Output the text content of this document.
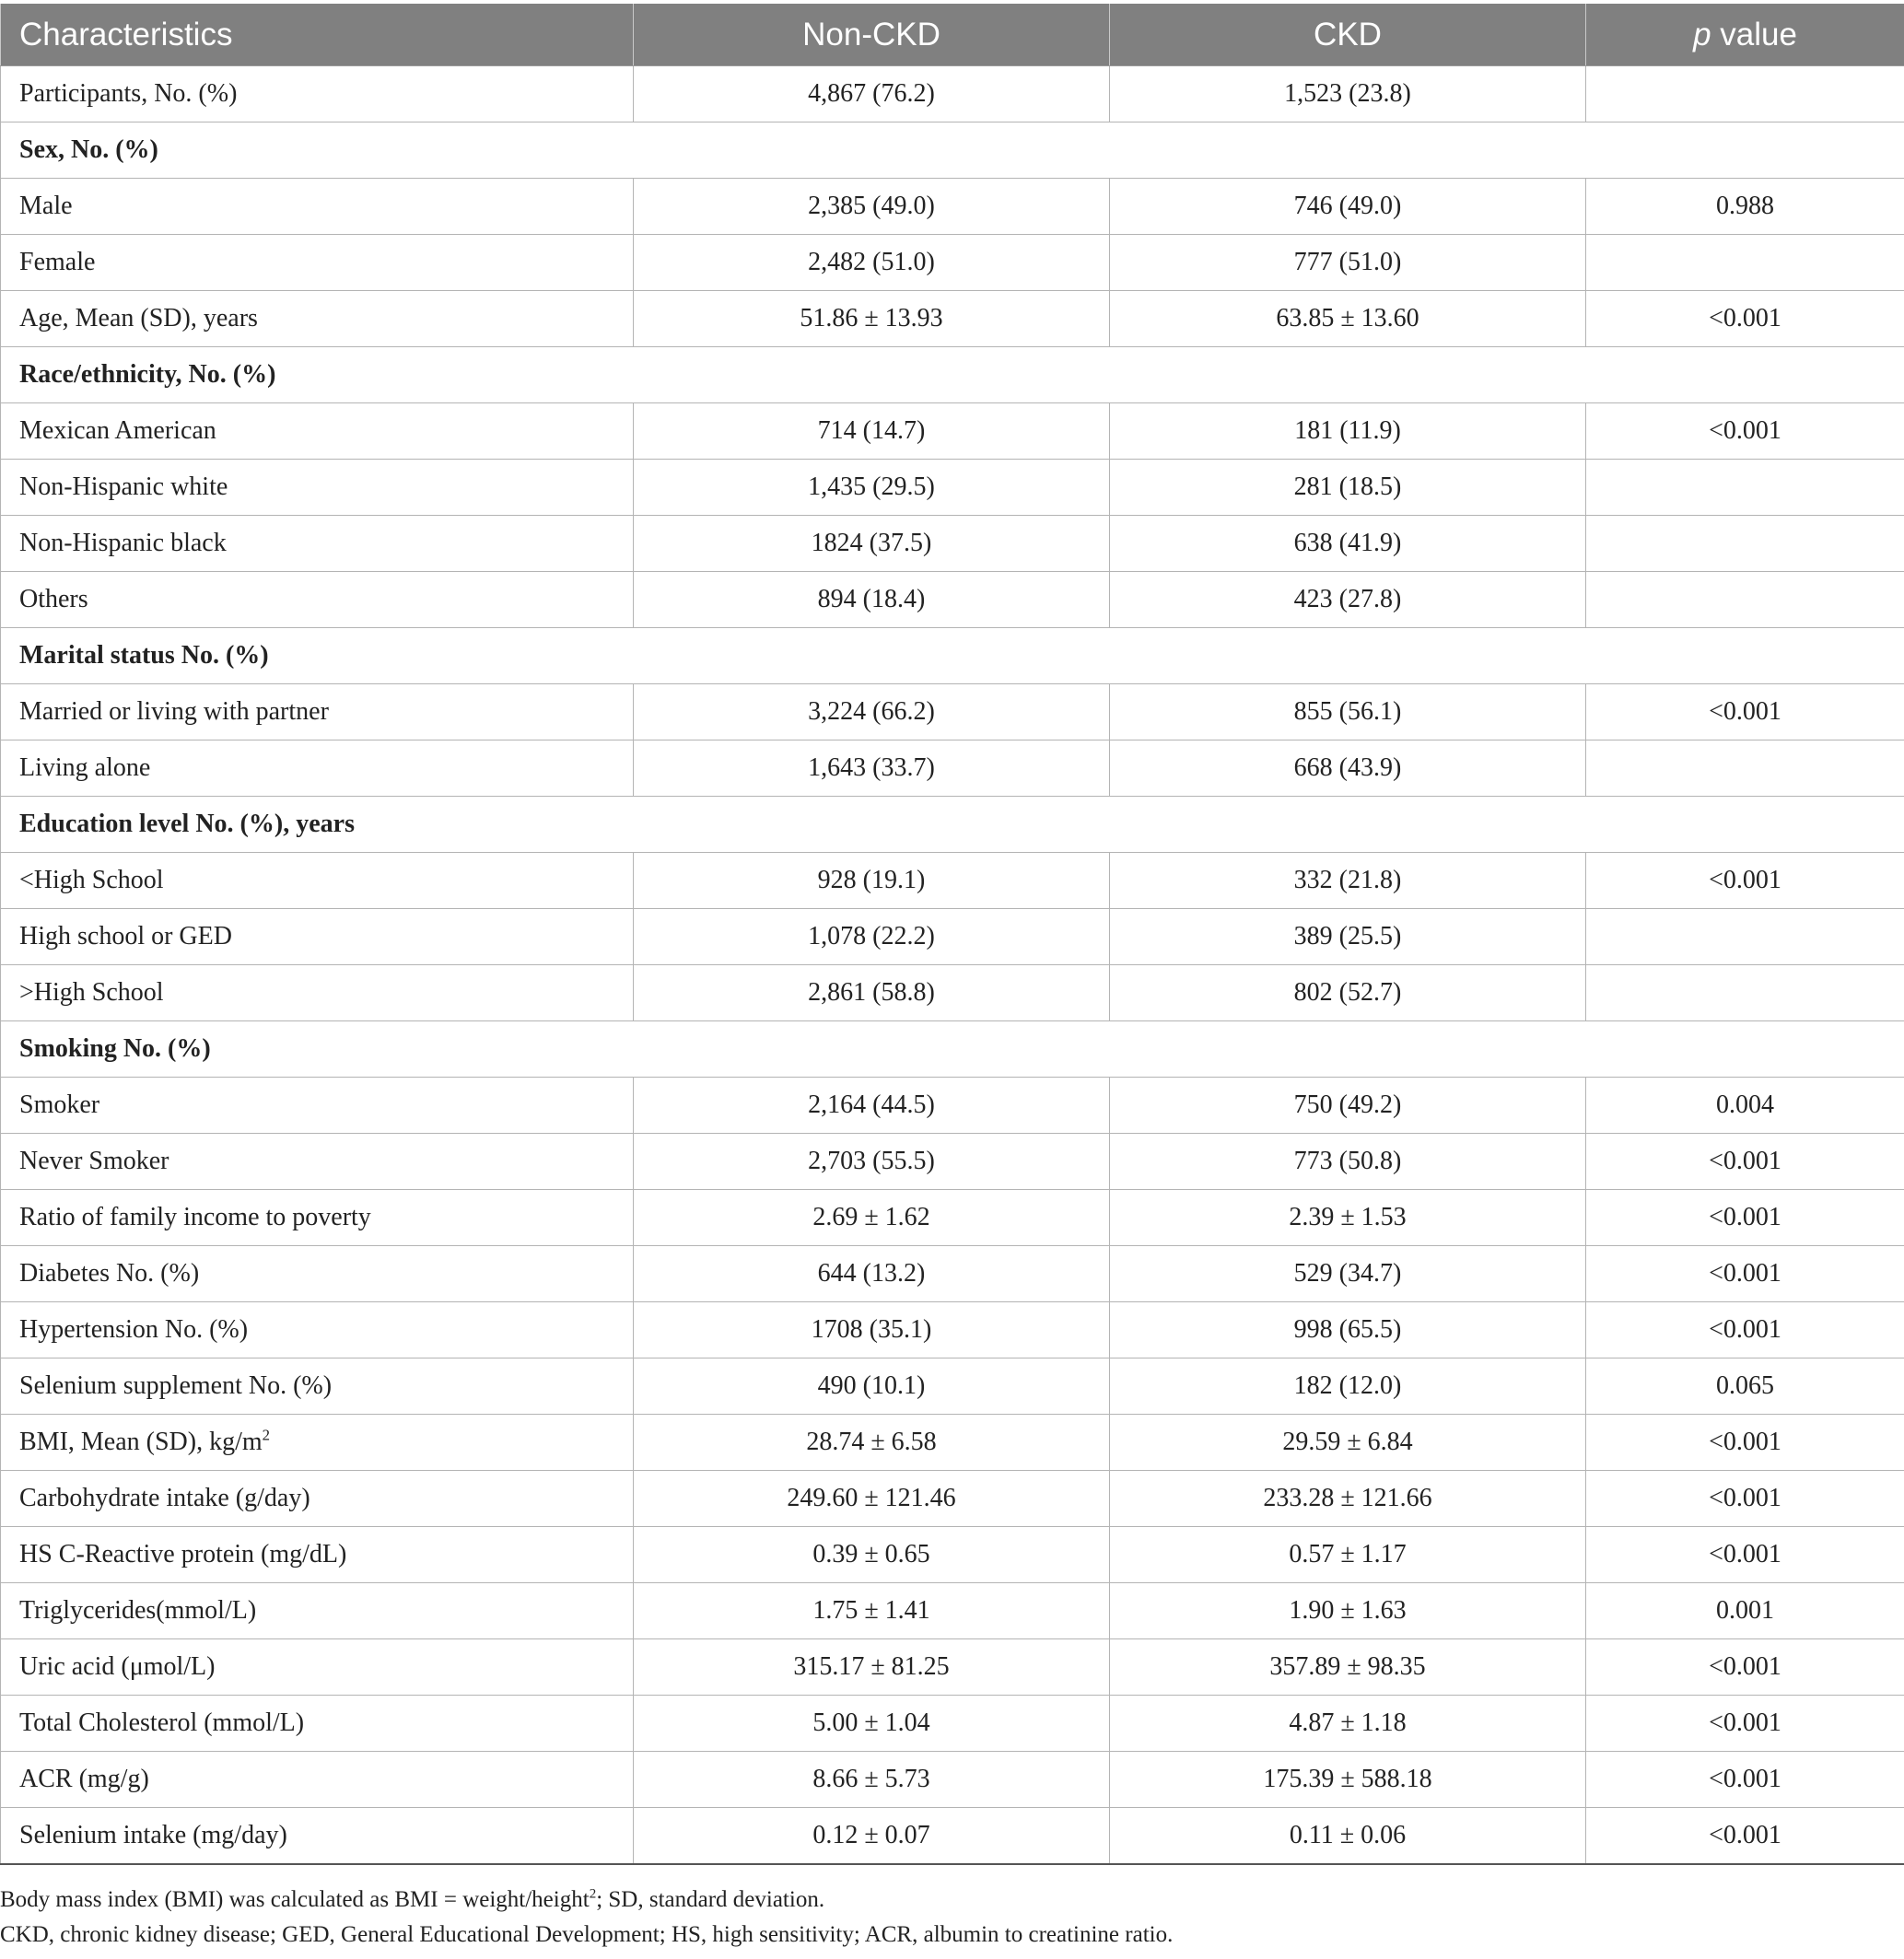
Characteristics	Non-CKD	CKD	p value
Participants, No. (%)	4,867 (76.2)	1,523 (23.8)	
Sex, No. (%)			
Male	2,385 (49.0)	746 (49.0)	0.988
Female	2,482 (51.0)	777 (51.0)	
Age, Mean (SD), years	51.86 ± 13.93	63.85 ± 13.60	<0.001
Race/ethnicity, No. (%)			
Mexican American	714 (14.7)	181 (11.9)	<0.001
Non-Hispanic white	1,435 (29.5)	281 (18.5)	
Non-Hispanic black	1824 (37.5)	638 (41.9)	
Others	894 (18.4)	423 (27.8)	
Marital status No. (%)			
Married or living with partner	3,224 (66.2)	855 (56.1)	<0.001
Living alone	1,643 (33.7)	668 (43.9)	
Education level No. (%), years			
<High School	928 (19.1)	332 (21.8)	<0.001
High school or GED	1,078 (22.2)	389 (25.5)	
>High School	2,861 (58.8)	802 (52.7)	
Smoking No. (%)			
Smoker	2,164 (44.5)	750 (49.2)	0.004
Never Smoker	2,703 (55.5)	773 (50.8)	<0.001
Ratio of family income to poverty	2.69 ± 1.62	2.39 ± 1.53	<0.001
Diabetes No. (%)	644 (13.2)	529 (34.7)	<0.001
Hypertension No. (%)	1708 (35.1)	998 (65.5)	<0.001
Selenium supplement No. (%)	490 (10.1)	182 (12.0)	0.065
BMI, Mean (SD), $kg/m^2$	28.74 ± 6.58	29.59 ± 6.84	<0.001
Carbohydrate intake (g/day)	249.60 ± 121.46	233.28 ± 121.66	<0.001
HS C-Reactive protein (mg/dL)	0.39 ± 0.65	0.57 ± 1.17	<0.001
Triglycerides(mmol/L)	1.75 ± 1.41	1.90 ± 1.63	0.001
Uric acid (μmol/L)	315.17 ± 81.25	357.89 ± 98.35	<0.001
Total Cholesterol (mmol/L)	5.00 ± 1.04	4.87 ± 1.18	<0.001
ACR (mg/g)	8.66 ± 5.73	175.39 ± 588.18	<0.001
Selenium intake (mg/day)	0.12 ± 0.07	0.11 ± 0.06	<0.001

Body mass index (BMI) was calculated as BMI = weight/height$^2$; SD, standard deviation.

CKD, chronic kidney disease; GED, General Educational Development; HS, high sensitivity; ACR, albumin to creatinine ratio.
